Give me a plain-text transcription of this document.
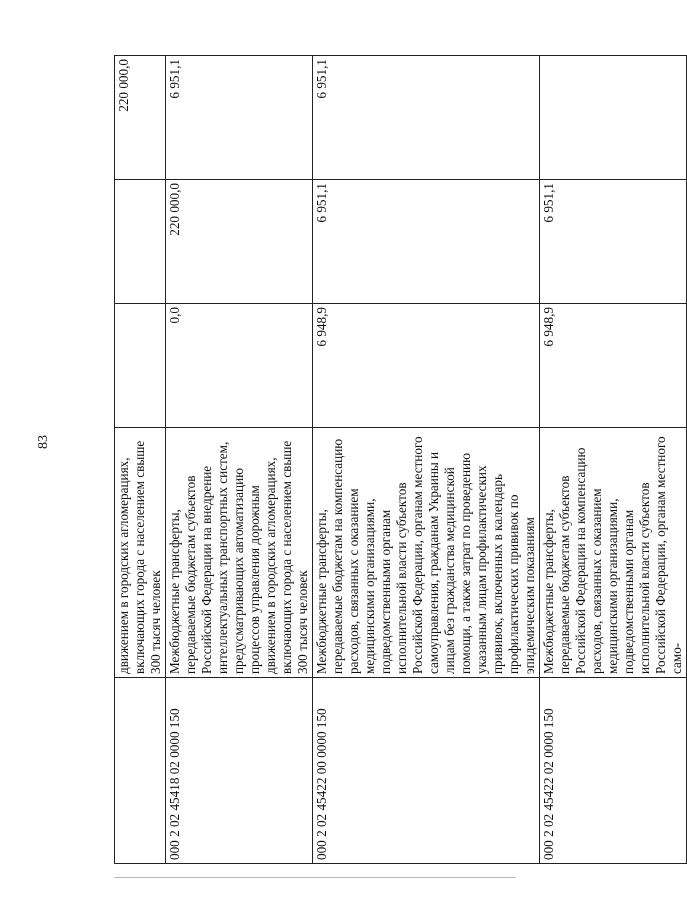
83
	движением в городских агломерациях, включающих города с населением свыше 300 тысяч человек			220 000,0
000 2 02 45418 02 0000 150	Межбюджетные трансферты, передаваемые бюджетам субъектов Российской Федерации на внедрение интеллектуальных транспортных систем, предусматривающих автоматизацию процессов управления дорожным движением в городских агломерациях, включающих города с населением свыше 300 тысяч человек	0,0	220 000,0	6 951,1
000 2 02 45422 00 0000 150	Межбюджетные трансферты, передаваемые бюджетам на компенсацию расходов, связанных с оказанием медицинскими организациями, подведомственными органам исполнительной власти субъектов Российской Федерации, органам местного самоуправления, гражданам Украины и лицам без гражданства медицинской помощи, а также затрат по проведению указанным лицам профилактических прививок, включенных в календарь профилактических прививок по эпидемическим показаниям	6 948,9	6 951,1	6 951,1
000 2 02 45422 02 0000 150	Межбюджетные трансферты, передаваемые бюджетам субъектов Российской Федерации на компенсацию расходов, связанных с оказанием медицинскими организациями, подведомственными органам исполнительной власти субъектов Российской Федерации, органам местного само-	6 948,9	6 951,1	
